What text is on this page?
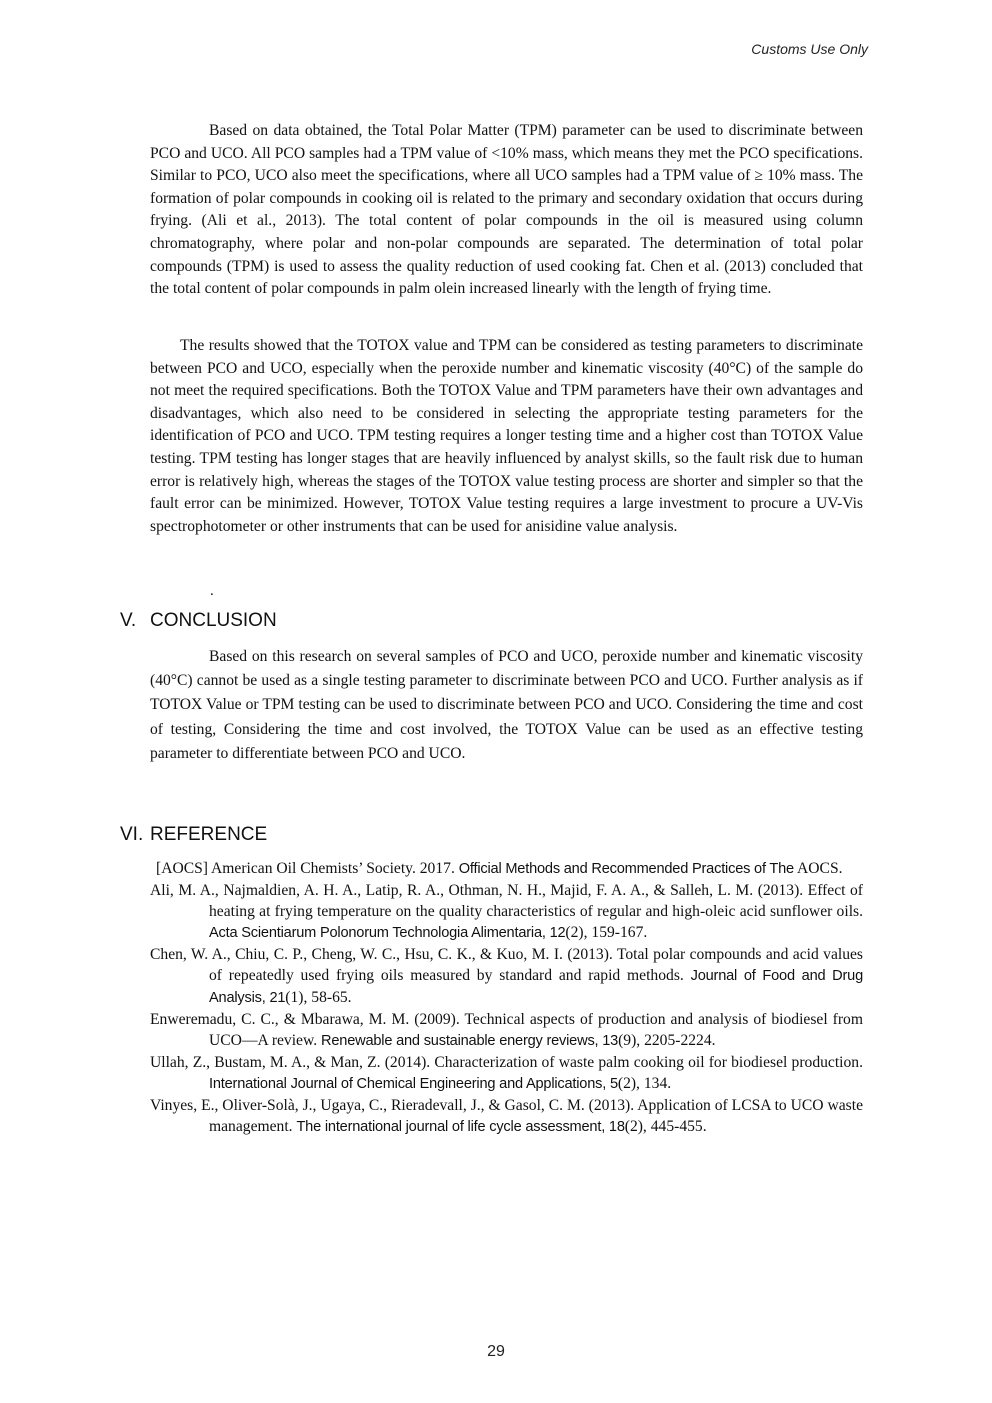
Customs Use Only

Based on data obtained, the Total Polar Matter (TPM) parameter can be used to discriminate between PCO and UCO. All PCO samples had a TPM value of <10% mass, which means they met the PCO specifications. Similar to PCO, UCO also meet the specifications, where all UCO samples had a TPM value of ≥ 10% mass. The formation of polar compounds in cooking oil is related to the primary and secondary oxidation that occurs during frying. (Ali et al., 2013). The total content of polar compounds in the oil is measured using column chromatography, where polar and non-polar compounds are separated. The determination of total polar compounds (TPM) is used to assess the quality reduction of used cooking fat. Chen et al. (2013) concluded that the total content of polar compounds in palm olein increased linearly with the length of frying time.

The results showed that the TOTOX value and TPM can be considered as testing parameters to discriminate between PCO and UCO, especially when the peroxide number and kinematic viscosity (40°C) of the sample do not meet the required specifications. Both the TOTOX Value and TPM parameters have their own advantages and disadvantages, which also need to be considered in selecting the appropriate testing parameters for the identification of PCO and UCO. TPM testing requires a longer testing time and a higher cost than TOTOX Value testing. TPM testing has longer stages that are heavily influenced by analyst skills, so the fault risk due to human error is relatively high, whereas the stages of the TOTOX value testing process are shorter and simpler so that the fault error can be minimized. However, TOTOX Value testing requires a large investment to procure a UV-Vis spectrophotometer or other instruments that can be used for anisidine value analysis.

.
V. CONCLUSION

Based on this research on several samples of PCO and UCO, peroxide number and kinematic viscosity (40°C) cannot be used as a single testing parameter to discriminate between PCO and UCO. Further analysis as if TOTOX Value or TPM testing can be used to discriminate between PCO and UCO. Considering the time and cost of testing, Considering the time and cost involved, the TOTOX Value can be used as an effective testing parameter to differentiate between PCO and UCO.

VI. REFERENCE
[AOCS] American Oil Chemists’ Society. 2017. Official Methods and Recommended Practices of The AOCS.
Ali, M. A., Najmaldien, A. H. A., Latip, R. A., Othman, N. H., Majid, F. A. A., & Salleh, L. M. (2013). Effect of heating at frying temperature on the quality characteristics of regular and high-oleic acid sunflower oils. Acta Scientiarum Polonorum Technologia Alimentaria, 12(2), 159-167.
Chen, W. A., Chiu, C. P., Cheng, W. C., Hsu, C. K., & Kuo, M. I. (2013). Total polar compounds and acid values of repeatedly used frying oils measured by standard and rapid methods. Journal of Food and Drug Analysis, 21(1), 58-65.
Enweremadu, C. C., & Mbarawa, M. M. (2009). Technical aspects of production and analysis of biodiesel from UCO—A review. Renewable and sustainable energy reviews, 13(9), 2205-2224.
Ullah, Z., Bustam, M. A., & Man, Z. (2014). Characterization of waste palm cooking oil for biodiesel production. International Journal of Chemical Engineering and Applications, 5(2), 134.
Vinyes, E., Oliver-Solà, J., Ugaya, C., Rieradevall, J., & Gasol, C. M. (2013). Application of LCSA to UCO waste management. The international journal of life cycle assessment, 18(2), 445-455.
29
